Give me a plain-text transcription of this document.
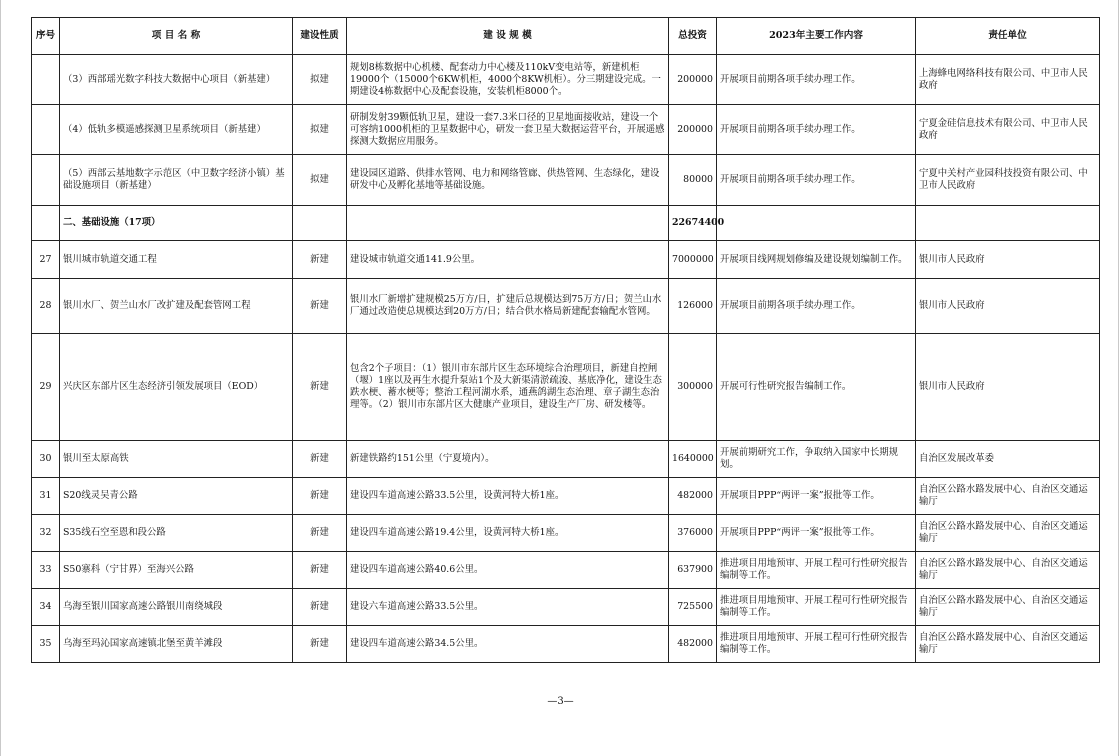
序号	项 目 名 称	建设性质	建 设 规 模	总投资	2023年主要工作内容	责任单位
	（3）西部瑶光数字科技大数据中心项目（新基建）	拟建	规划8栋数据中心机楼、配套动力中心楼及110kV变电站等，新建机柜19000个（15000个6KW机柜，4000个8KW机柜）。分三期建设完成。一期建设4栋数据中心及配套设施，安装机柜8000个。	200000	开展项目前期各项手续办理工作。	上海蜂电网络科技有限公司、中卫市人民政府
	（4）低轨多模遥感探测卫星系统项目（新基建）	拟建	研制发射39颗低轨卫星，建设一套7.3米口径的卫星地面接收站，建设一个可容纳1000机柜的卫星数据中心，研发一套卫星大数据运营平台，开展遥感探测大数据应用服务。	200000	开展项目前期各项手续办理工作。	宁夏金硅信息技术有限公司、中卫市人民政府
	（5）西部云基地数字示范区（中卫数字经济小镇）基础设施项目（新基建）	拟建	建设园区道路、供排水管网、电力和网络管廊、供热管网、生态绿化，建设研发中心及孵化基地等基础设施。	80000	开展项目前期各项手续办理工作。	宁夏中关村产业园科技投资有限公司、中卫市人民政府
	二、基础设施（17项）			22674400		
27	银川城市轨道交通工程	新建	建设城市轨道交通141.9公里。	7000000	开展项目线网规划修编及建设规划编制工作。	银川市人民政府
28	银川水厂、贺兰山水厂改扩建及配套管网工程	新建	银川水厂新增扩建规模25万方/日，扩建后总规模达到75万方/日；贺兰山水厂通过改造使总规模达到20万方/日；结合供水格局新建配套输配水管网。	126000	开展项目前期各项手续办理工作。	银川市人民政府
29	兴庆区东部片区生态经济引领发展项目（EOD）	新建	包含2个子项目：（1）银川市东部片区生态环境综合治理项目，新建自控闸（堰）1座以及再生水提升泵站1个及大新渠清淤疏浚、基底净化，建设生态跌水梗、蓄水梗等；整治工程河湖水系，通燕鸽湖生态治理、章子湖生态治理等。（2）银川市东部片区大健康产业项目，建设生产厂房、研发楼等。	300000	开展可行性研究报告编制工作。	银川市人民政府
30	银川至太原高铁	新建	新建铁路约151公里（宁夏境内）。	1640000	开展前期研究工作，争取纳入国家中长期规划。	自治区发展改革委
31	S20线灵吴青公路	新建	建设四车道高速公路33.5公里，设黄河特大桥1座。	482000	开展项目PPP“两评一案”报批等工作。	自治区公路水路发展中心、自治区交通运输厅
32	S35线石空至恩和段公路	新建	建设四车道高速公路19.4公里，设黄河特大桥1座。	376000	开展项目PPP“两评一案”报批等工作。	自治区公路水路发展中心、自治区交通运输厅
33	S50寨科（宁甘界）至海兴公路	新建	建设四车道高速公路40.6公里。	637900	推进项目用地预审、开展工程可行性研究报告编制等工作。	自治区公路水路发展中心、自治区交通运输厅
34	乌海至银川国家高速公路银川南绕城段	新建	建设六车道高速公路33.5公里。	725500	推进项目用地预审、开展工程可行性研究报告编制等工作。	自治区公路水路发展中心、自治区交通运输厅
35	乌海至玛沁国家高速镇北堡至黄羊滩段	新建	建设四车道高速公路34.5公里。	482000	推进项目用地预审、开展工程可行性研究报告编制等工作。	自治区公路水路发展中心、自治区交通运输厅
—3—
